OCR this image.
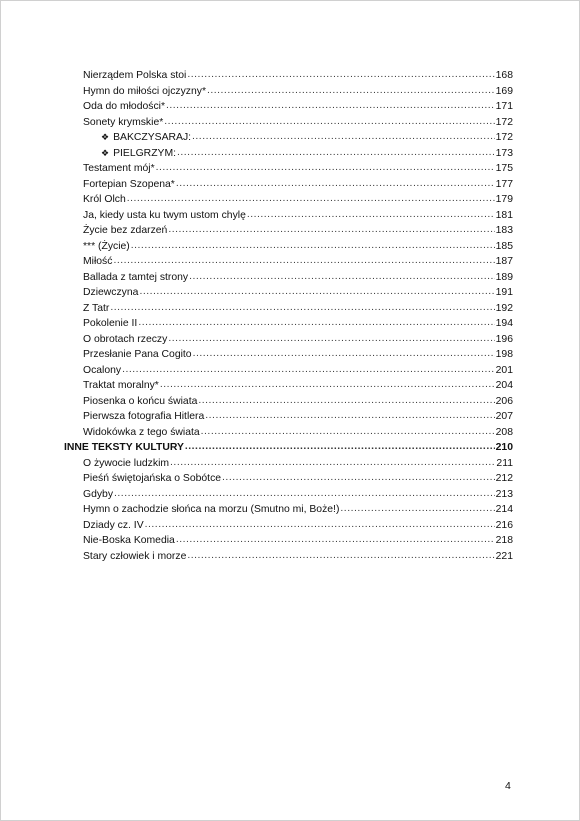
Nierządem Polska stoi .....	168
Hymn do miłości ojczyzny* .....	169
Oda do młodości* .....	171
Sonety krymskie* .....	172
❖ BAKCZYSARAJ: .....	172
❖ PIELGRZYM: .....	173
Testament mój* .....	175
Fortepian Szopena* .....	177
Król Olch .....	179
Ja, kiedy usta ku twym ustom chylę .....	181
Życie bez zdarzeń .....	183
*** (Życie) .....	185
Miłość .....	187
Ballada z tamtej strony .....	189
Dziewczyna .....	191
Z Tatr .....	192
Pokolenie II .....	194
O obrotach rzeczy .....	196
Przesłanie Pana Cogito .....	198
Ocalony .....	201
Traktat moralny* .....	204
Piosenka o końcu świata .....	206
Pierwsza fotografia Hitlera .....	207
Widokówka z tego świata .....	208
INNE TEKSTY KULTURY .....	210
O żywocie ludzkim .....	211
Pieśń świętojańska o Sobótce .....	212
Gdyby .....	213
Hymn o zachodzie słońca na morzu (Smutno mi, Boże!) .....	214
Dziady cz. IV .....	216
Nie-Boska Komedia .....	218
Stary człowiek i morze .....	221
4
